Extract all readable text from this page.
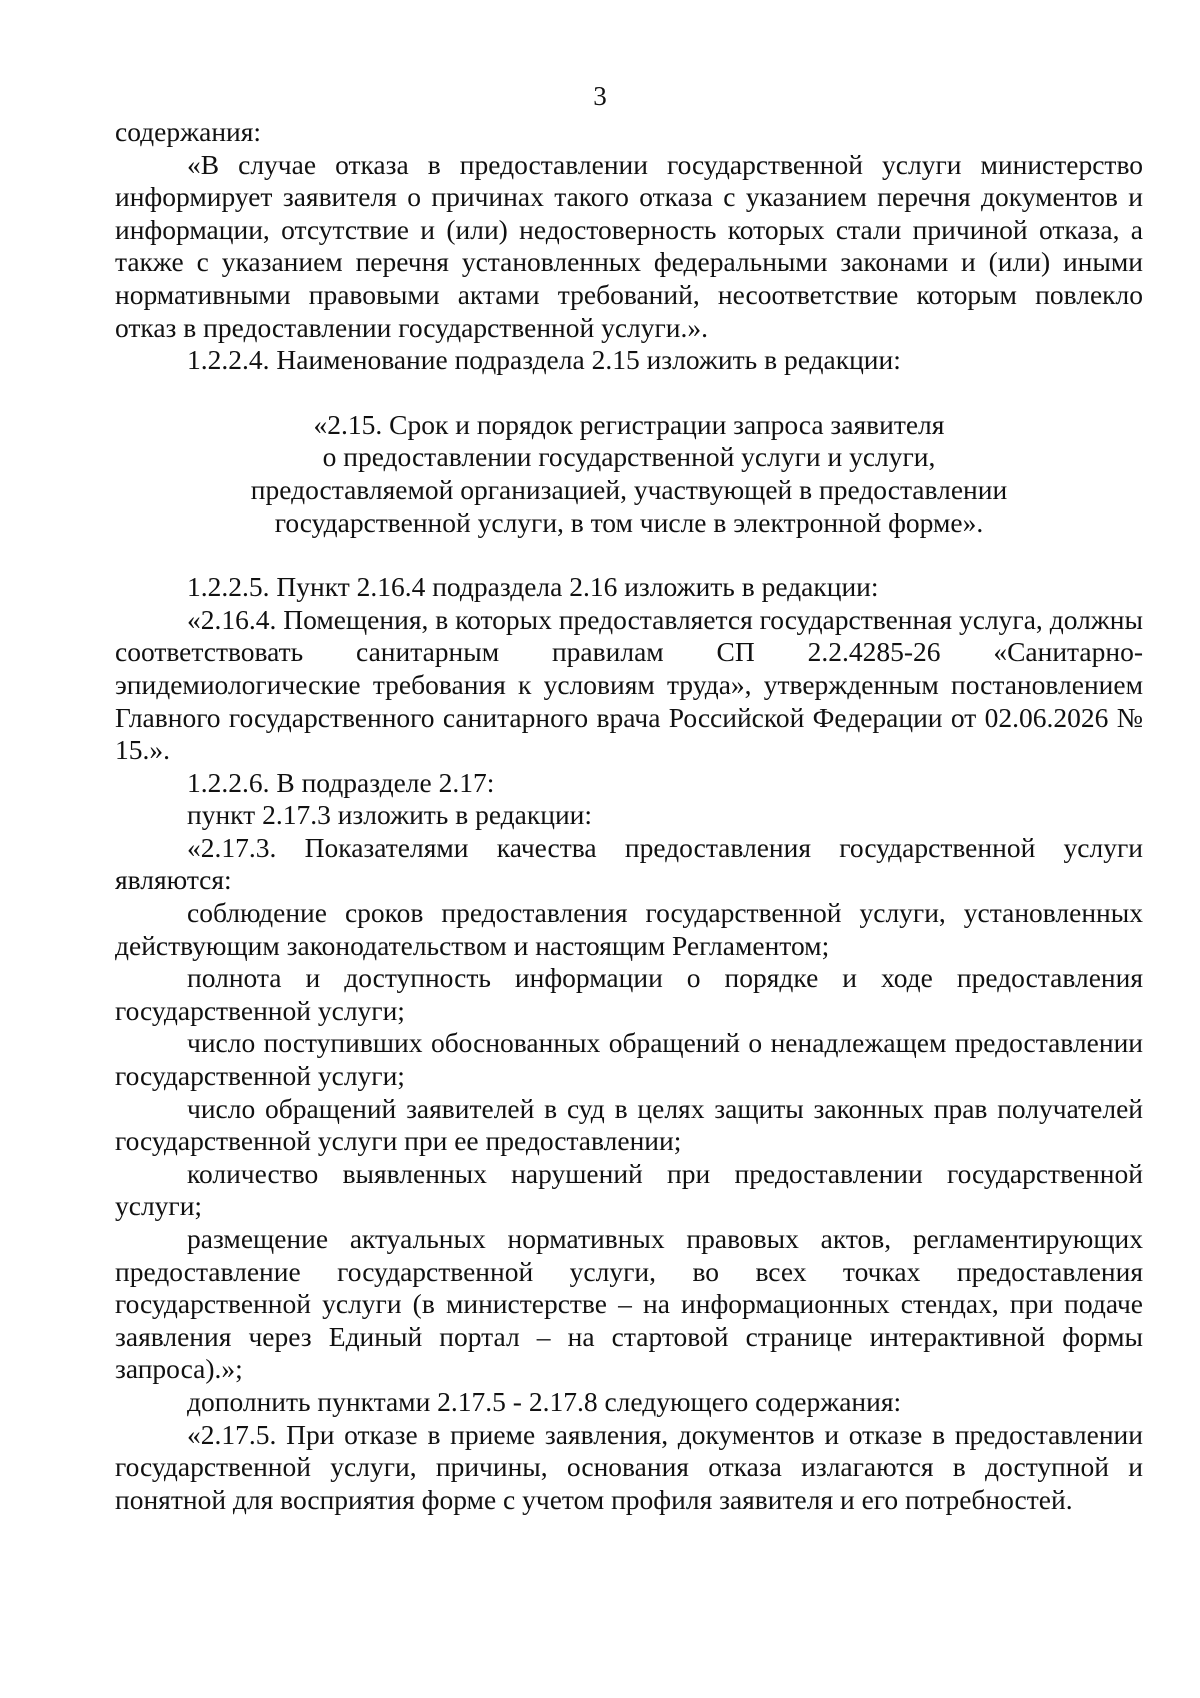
3

содержания:

«В случае отказа в предоставлении государственной услуги министерство информирует заявителя о причинах такого отказа с указанием перечня документов и информации, отсутствие и (или) недостоверность которых стали причиной отказа, а также с указанием перечня установленных федеральными законами и (или) иными нормативными правовыми актами требований, несоответствие которым повлекло отказ в предоставлении государственной услуги.».

1.2.2.4. Наименование подраздела 2.15 изложить в редакции:

«2.15. Срок и порядок регистрации запроса заявителя
о предоставлении государственной услуги и услуги,
предоставляемой организацией, участвующей в предоставлении
государственной услуги, в том числе в электронной форме».

1.2.2.5. Пункт 2.16.4 подраздела 2.16 изложить в редакции:

«2.16.4. Помещения, в которых предоставляется государственная услуга, должны соответствовать санитарным правилам СП 2.2.4285-26 «Санитарно-эпидемиологические требования к условиям труда», утвержденным постановлением Главного государственного санитарного врача Российской Федерации от 02.06.2026 № 15.».

1.2.2.6. В подразделе 2.17:

пункт 2.17.3 изложить в редакции:

«2.17.3. Показателями качества предоставления государственной услуги являются:

соблюдение сроков предоставления государственной услуги, установленных действующим законодательством и настоящим Регламентом;

полнота и доступность информации о порядке и ходе предоставления государственной услуги;

число поступивших обоснованных обращений о ненадлежащем предоставлении государственной услуги;

число обращений заявителей в суд в целях защиты законных прав получателей государственной услуги при ее предоставлении;

количество выявленных нарушений при предоставлении государственной услуги;

размещение актуальных нормативных правовых актов, регламентирующих предоставление государственной услуги, во всех точках предоставления государственной услуги (в министерстве – на информационных стендах, при подаче заявления через Единый портал – на стартовой странице интерактивной формы запроса).»;

дополнить пунктами 2.17.5 - 2.17.8 следующего содержания:

«2.17.5. При отказе в приеме заявления, документов и отказе в предоставлении государственной услуги, причины, основания отказа излагаются в доступной и понятной для восприятия форме с учетом профиля заявителя и его потребностей.
